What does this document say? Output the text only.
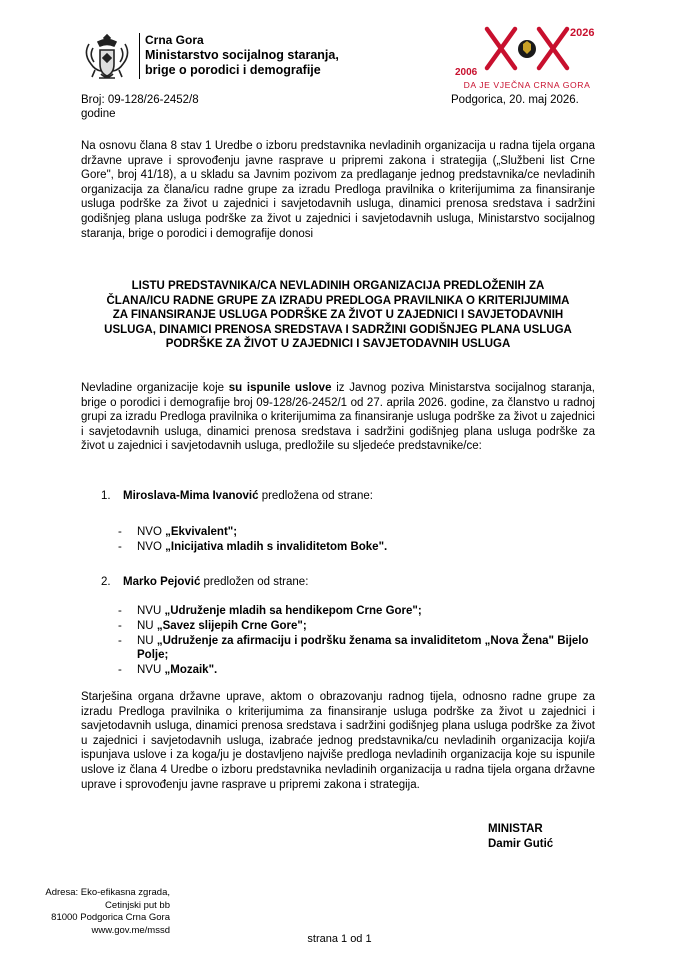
Crna Gora
Ministarstvo socijalnog staranja,
brige o porodici i demografije
2026
2006
DA JE VJEČNA CRNA GORA
Broj: 09-128/26-2452/8
godine
Podgorica, 20. maj 2026.
Na osnovu člana 8 stav 1 Uredbe o izboru predstavnika nevladinih organizacija u radna tijela organa državne uprave i sprovođenju javne rasprave u pripremi zakona i strategija („Službeni list Crne Gore", broj 41/18), a u skladu sa Javnim pozivom za predlaganje jednog predstavnika/ce nevladinih organizacija za člana/icu radne grupe za izradu Predloga pravilnika o kriterijumima za finansiranje usluga podrške za život u zajednici i savjetodavnih usluga, dinamici prenosa sredstava i sadržini godišnjeg plana usluga podrške za život u zajednici i savjetodavnih usluga, Ministarstvo socijalnog staranja, brige o porodici i demografije donosi
LISTU PREDSTAVNIKA/CA NEVLADINIH ORGANIZACIJA PREDLOŽENIH ZA
ČLANA/ICU RADNE GRUPE ZA IZRADU PREDLOGA PRAVILNIKA O KRITERIJUMIMA
ZA FINANSIRANJE USLUGA PODRŠKE ZA ŽIVOT U ZAJEDNICI I SAVJETODAVNIH
USLUGA, DINAMICI PRENOSA SREDSTAVA I SADRŽINI GODIŠNJEG PLANA USLUGA
PODRŠKE ZA ŽIVOT U ZAJEDNICI I SAVJETODAVNIH USLUGA
Nevladine organizacije koje su ispunile uslove iz Javnog poziva Ministarstva socijalnog staranja, brige o porodici i demografije broj 09-128/26-2452/1 od 27. aprila 2026. godine, za članstvo u radnoj grupi za izradu Predloga pravilnika o kriterijumima za finansiranje usluga podrške za život u zajednici i savjetodavnih usluga, dinamici prenosa sredstava i sadržini godišnjeg plana usluga podrške za život u zajednici i savjetodavnih usluga, predložile su sljedeće predstavnike/ce:
1. Miroslava-Mima Ivanović predložena od strane:
-	NVO „Ekvivalent";
-	NVO „Inicijativa mladih s invaliditetom Boke".
2. Marko Pejović predložen od strane:
-	NVU „Udruženje mladih sa hendikepom Crne Gore";
-	NU „Savez slijepih Crne Gore";
-	NU „Udruženje za afirmaciju i podršku ženama sa invaliditetom „Nova Žena" Bijelo Polje;
-	NVU „Mozaik".
Starješina organa državne uprave, aktom o obrazovanju radnog tijela, odnosno radne grupe za izradu Predloga pravilnika o kriterijumima za finansiranje usluga podrške za život u zajednici i savjetodavnih usluga, dinamici prenosa sredstava i sadržini godišnjeg plana usluga podrške za život u zajednici i savjetodavnih usluga, izabraće jednog predstavnika/cu nevladinih organizacija koji/a ispunjava uslove i za koga/ju je dostavljeno najviše predloga nevladinih organizacija koje su ispunile uslove iz člana 4 Uredbe o izboru predstavnika nevladinih organizacija u radna tijela organa državne uprave i sprovođenju javne rasprave u pripremi zakona i strategija.
MINISTAR
Damir Gutić
Adresa: Eko-efikasna zgrada,
Cetinjski put bb
81000 Podgorica Crna Gora
www.gov.me/mssd
strana 1 od 1
